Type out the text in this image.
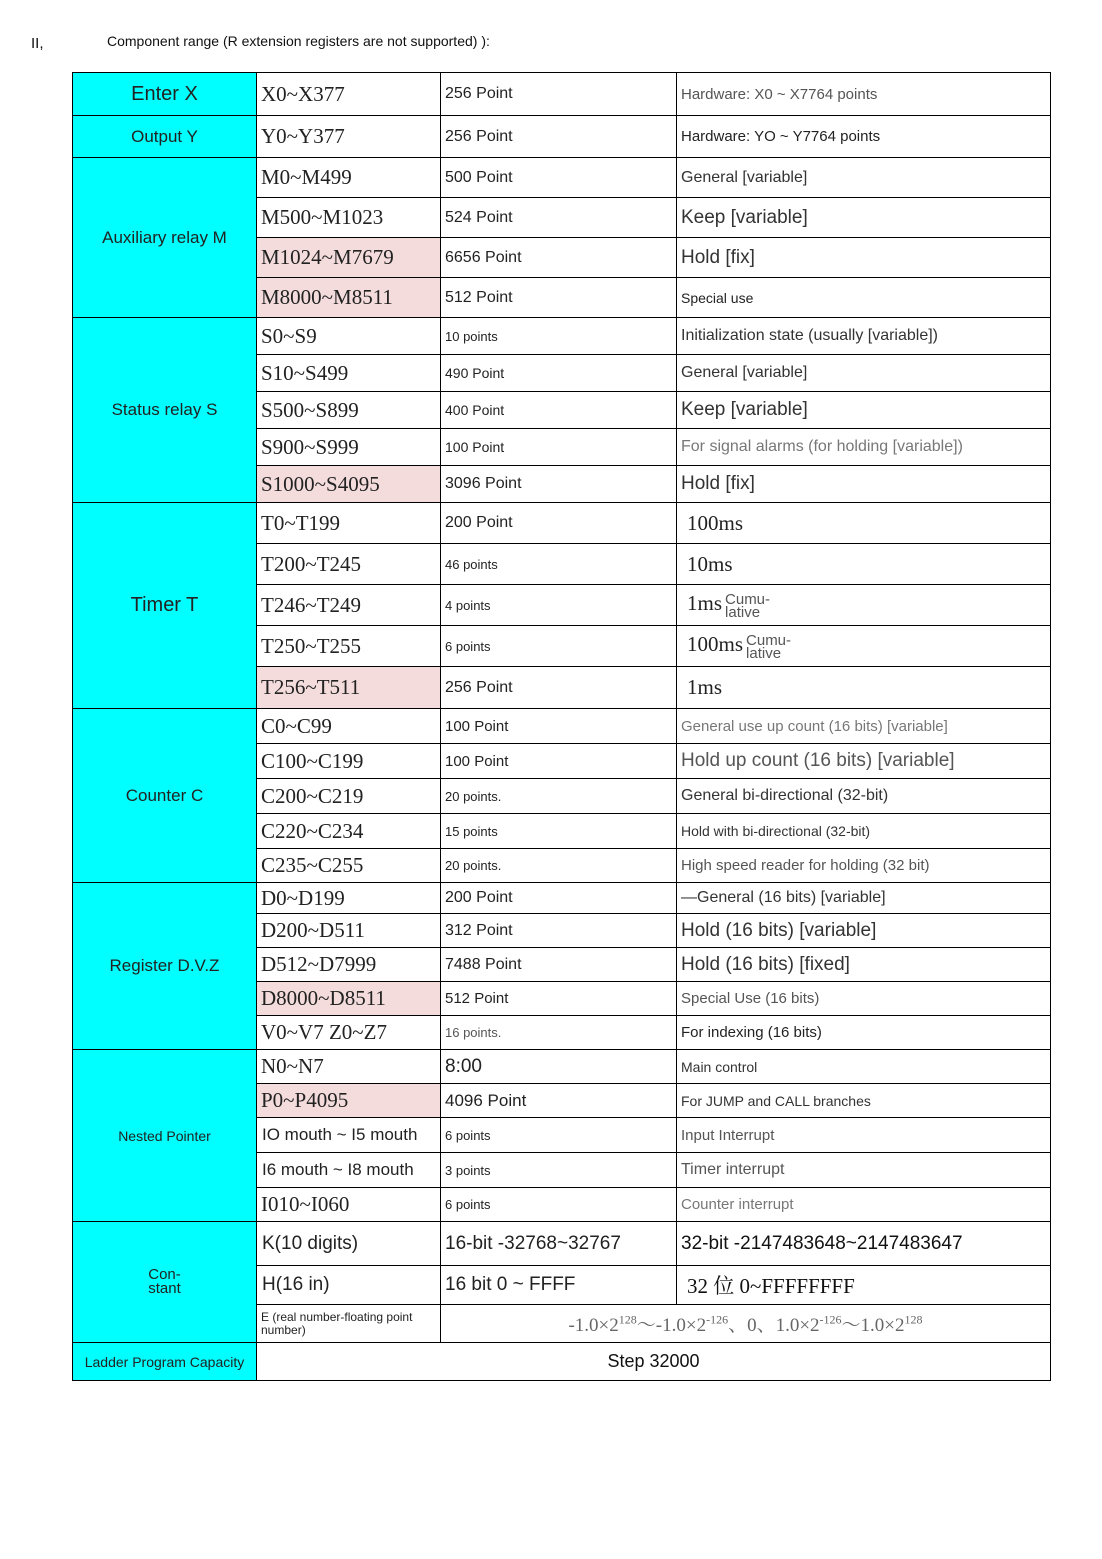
II,	Component range (R extension registers are not supported) ):
Enter X	X0~X377	256 Point	Hardware: X0 ~ X7764 points
Output Y	Y0~Y377	256 Point	Hardware: YO ~ Y7764 points
Auxiliary relay M	M0~M499	500 Point	General [variable]
	M500~M1023	524 Point	Keep [variable]
	M1024~M7679	6656 Point	Hold [fix]
	M8000~M8511	512 Point	Special use
Status relay S	S0~S9	10 points	Initialization state (usually [variable])
	S10~S499	490 Point	General [variable]
	S500~S899	400 Point	Keep [variable]
	S900~S999	100 Point	For signal alarms (for holding [variable])
	S1000~S4095	3096 Point	Hold [fix]
Timer T	T0~T199	200 Point	100ms
	T200~T245	46 points	10ms
	T246~T249	4 points	1ms Cumu-
lative
	T250~T255	6 points	100ms Cumu-
lative
	T256~T511	256 Point	1ms
Counter C	C0~C99	100 Point	General use up count (16 bits) [variable]
	C100~C199	100 Point	Hold up count (16 bits) [variable]
	C200~C219	20 points.	General bi-directional (32-bit)
	C220~C234	15 points	Hold with bi-directional (32-bit)
	C235~C255	20 points.	High speed reader for holding (32 bit)
Register D.V.Z	D0~D199	200 Point	—General (16 bits) [variable]
	D200~D511	312 Point	Hold (16 bits) [variable]
	D512~D7999	7488 Point	Hold (16 bits) [fixed]
	D8000~D8511	512 Point	Special Use (16 bits)
	V0~V7 Z0~Z7	16 points.	For indexing (16 bits)
Nested Pointer	N0~N7	8:00	Main control
	P0~P4095	4096 Point	For JUMP and CALL branches
	IO mouth ~ I5 mouth	6 points	Input Interrupt
	I6 mouth ~ I8 mouth	3 points	Timer interrupt
	I010~I060	6 points	Counter interrupt
Con-
stant	K(10 digits)	16-bit -32768~32767	32-bit -2147483648~2147483647
	H(16 in)	16 bit 0 ~ FFFF	32 位 0~FFFFFFFF
	E (real number-floating point number)	$-1.0\times 2^{128}$〜$-1.0\times 2^{-126}$、0、$1.0\times 2^{-126}$〜$1.0\times 2^{128}$
Ladder Program Capacity	Step 32000		
